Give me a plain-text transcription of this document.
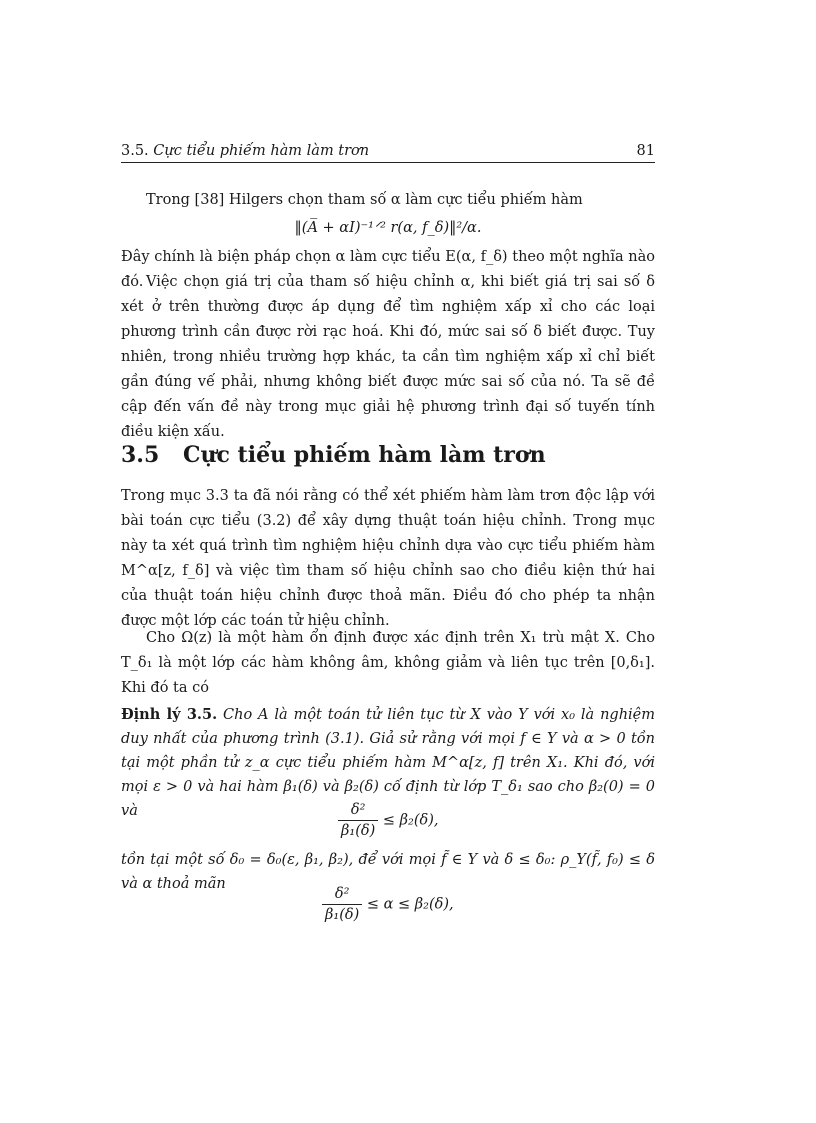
3.5. Cực tiểu phiếm hàm làm trơn	81

Trong [38] Hilgers chọn tham số α làm cực tiểu phiếm hàm

‖(A̅ + αI)⁻¹ᐟ² r(α, f_δ)‖²/α.

Đây chính là biện pháp chọn α làm cực tiểu E(α, f_δ) theo một nghĩa nào đó. Việc chọn giá trị của tham số hiệu chỉnh α, khi biết giá trị sai số δ xét ở trên thường được áp dụng để tìm nghiệm xấp xỉ cho các loại phương trình cần được rời rạc hoá. Khi đó, mức sai số δ biết được. Tuy nhiên, trong nhiều trường hợp khác, ta cần tìm nghiệm xấp xỉ chỉ biết gần đúng vế phải, nhưng không biết được mức sai số của nó. Ta sẽ đề cập đến vấn đề này trong mục giải hệ phương trình đại số tuyến tính điều kiện xấu.

3.5 Cực tiểu phiếm hàm làm trơn

Trong mục 3.3 ta đã nói rằng có thể xét phiếm hàm làm trơn độc lập với bài toán cực tiểu (3.2) để xây dựng thuật toán hiệu chỉnh. Trong mục này ta xét quá trình tìm nghiệm hiệu chỉnh dựa vào cực tiểu phiếm hàm M^α[z, f_δ] và việc tìm tham số hiệu chỉnh sao cho điều kiện thứ hai của thuật toán hiệu chỉnh được thoả mãn. Điều đó cho phép ta nhận được một lớp các toán tử hiệu chỉnh.

Cho Ω(z) là một hàm ổn định được xác định trên X₁ trù mật X. Cho T_δ₁ là một lớp các hàm không âm, không giảm và liên tục trên [0,δ₁]. Khi đó ta có

Định lý 3.5. Cho A là một toán tử liên tục từ X vào Y với x₀ là nghiệm duy nhất của phương trình (3.1). Giả sử rằng với mọi f ∈ Y và α > 0 tồn tại một phần tử z_α cực tiểu phiếm hàm M^α[z, f] trên X₁. Khi đó, với mọi ε > 0 và hai hàm β₁(δ) và β₂(δ) cố định từ lớp T_δ₁ sao cho β₂(0) = 0 và	$\frac{\text{δ²}}{\text{β₁(δ)}} \le \beta_2(\delta)$,

tồn tại một số δ₀ = δ₀(ε, β₁, β₂), để với mọi f̃ ∈ Y và δ ≤ δ₀: ρ_Y(f̃, f₀) ≤ δ và α thoả mãn	$\frac{\text{δ²}}{\text{β₁(δ)}} \le \alpha \le \beta_2(\delta)$,
